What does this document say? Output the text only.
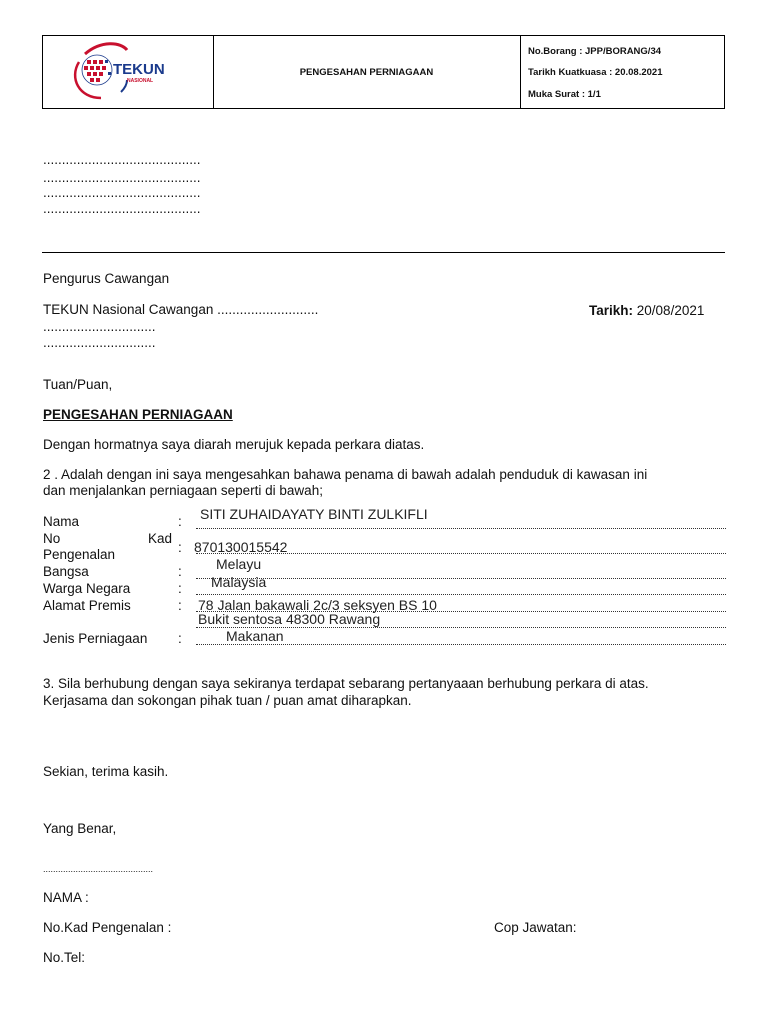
TEKUN
NASIONAL
PENGESAHAN PERNIAGAAN
No.Borang : JPP/BORANG/34
Tarikh Kuatkuasa : 20.08.2021
Muka Surat : 1/1
..........................................
..........................................
..........................................
..........................................
Pengurus Cawangan
TEKUN Nasional Cawangan ...........................
..............................
..............................
Tarikh: 20/08/2021
Tuan/Puan,
PENGESAHAN PERNIAGAAN
Dengan hormatnya saya diarah merujuk kepada perkara diatas.
2 . Adalah dengan ini saya mengesahkan bahawa penama di bawah adalah penduduk di kawasan ini
dan menjalankan perniagaan seperti di bawah;
Nama	: SITI ZUHAIDAYATY BINTI ZULKIFLI
No	Kad
Pengenalan	: 870130015542
Bangsa	: Melayu
Warga Negara	: Malaysia
Alamat Premis	: 78 Jalan bakawali 2c/3 seksyen BS 10
Bukit sentosa 48300 Rawang
Jenis Perniagaan :	Makanan
3. Sila berhubung dengan saya sekiranya terdapat sebarang pertanyaaan berhubung perkara di atas.
Kerjasama dan sokongan pihak tuan / puan amat diharapkan.
Sekian, terima kasih.
Yang Benar,
............................................
NAMA :
No.Kad Pengenalan :	Cop Jawatan:
No.Tel:
